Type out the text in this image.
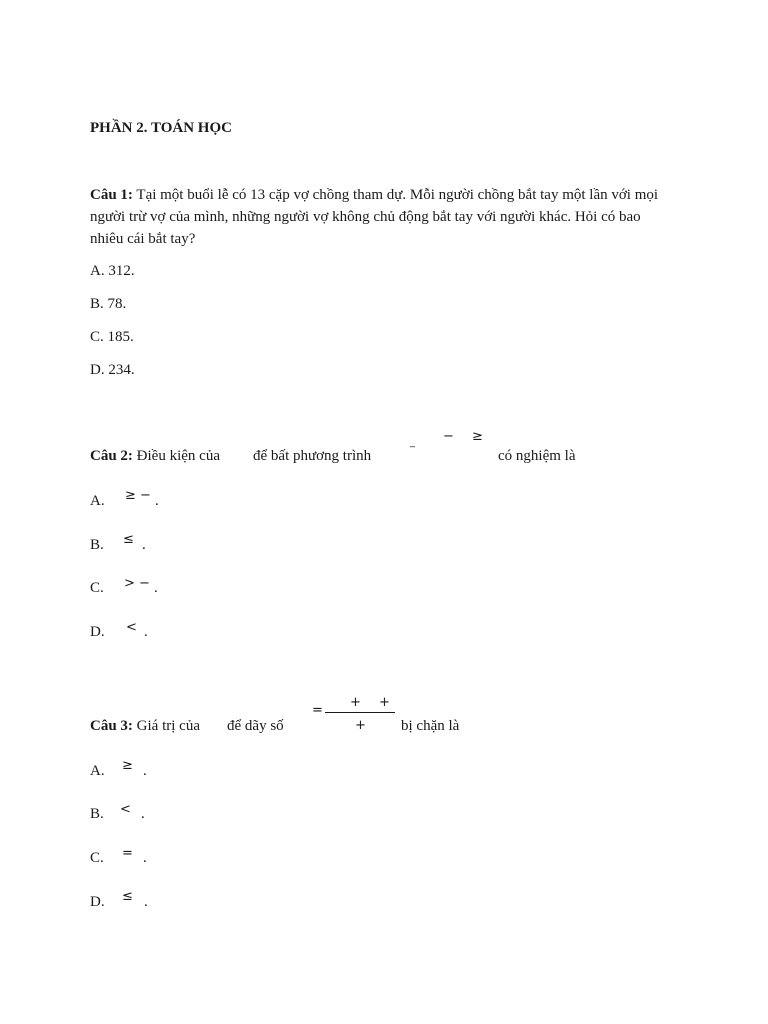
PHẦN 2. TOÁN HỌC
Câu 1: Tại một buổi lễ có 13 cặp vợ chồng tham dự. Mỗi người chồng bắt tay một lần với mọi người trừ vợ của mình, những người vợ không chủ động bắt tay với người khác. Hỏi có bao nhiêu cái bắt tay?
A. 312.
B. 78.
C. 185.
D. 234.
Câu 2: Điều kiện của để bất phương trình	‾
− ≥
có nghiệm là
A. ≥ − .
B. ≤ .
C. > − .
D. < .
Câu 3: Giá trị của để dãy số
=
+ +
+ bị chặn là
A. ≥ .
B. < .
C. = .
D. ≤ .
